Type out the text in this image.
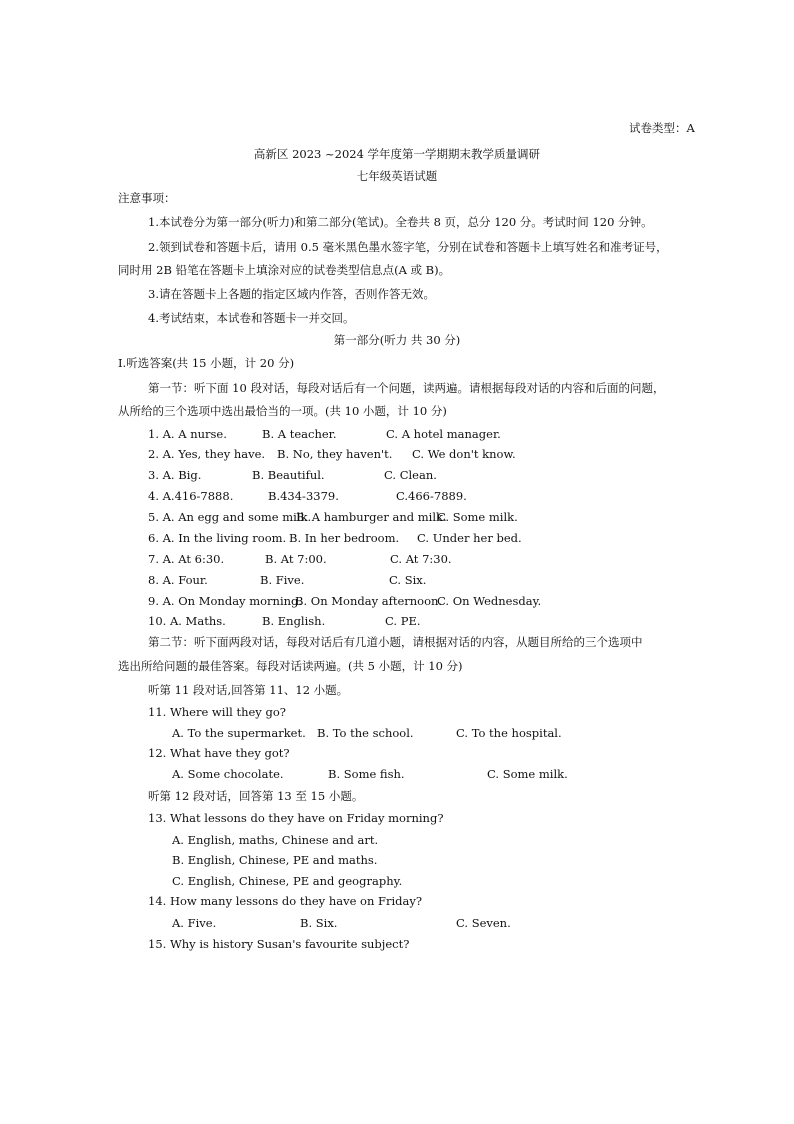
试卷类型：A
高新区 2023 ~2024 学年度第一学期期末教学质量调研
七年级英语试题
注意事项：
1.本试卷分为第一部分(听力)和第二部分(笔试)。全卷共 8 页，总分 120 分。考试时间 120 分钟。
2.领到试卷和答题卡后，请用 0.5 毫米黑色墨水签字笔，分别在试卷和答题卡上填写姓名和准考证号，
同时用 2B 铅笔在答题卡上填涂对应的试卷类型信息点(A 或 B)。
3.请在答题卡上各题的指定区域内作答，否则作答无效。
4.考试结束，本试卷和答题卡一并交回。
第一部分(听力 共 30 分)
Ⅰ.听选答案(共 15 小题，计 20 分)
第一节：听下面 10 段对话，每段对话后有一个问题，读两遍。请根据每段对话的内容和后面的问题，
从所给的三个选项中选出最恰当的一项。(共 10 小题，计 10 分)
1. A. A nurse.	B. A teacher.	C. A hotel manager.
2. A. Yes, they have. B. No, they haven't. C. We don't know.
3. A. Big.	B. Beautiful.	C. Clean.
4. A.416-7888.	B.434-3379.	C.466-7889.
5. A. An egg and some milk.
B. A hamburger and milk.
C. Some milk.
6. A. In the living room. B. In her bedroom. C. Under her bed.
7. A. At 6:30.	B. At 7:00.	C. At 7:30.
8. A. Four.	B. Five.	C. Six.
9. A. On Monday morning.
B. On Monday afternoon.
C. On Wednesday.
10. A. Maths.	B. English.	C. PE.
第二节：听下面两段对话，每段对话后有几道小题，请根据对话的内容，从题目所给的三个选项中
选出所给问题的最佳答案。每段对话读两遍。(共 5 小题，计 10 分)
听第 11 段对话,回答第 11、12 小题。
11. Where will they go?
A. To the supermarket. B. To the school.	C. To the hospital.
12. What have they got?
A. Some chocolate.	B. Some fish.	C. Some milk.
听第 12 段对话，回答第 13 至 15 小题。
13. What lessons do they have on Friday morning?
A. English, maths, Chinese and art.
B. English, Chinese, PE and maths.
C. English, Chinese, PE and geography.
14. How many lessons do they have on Friday?
A. Five.	B. Six.	C. Seven.
15. Why is history Susan's favourite subject?
